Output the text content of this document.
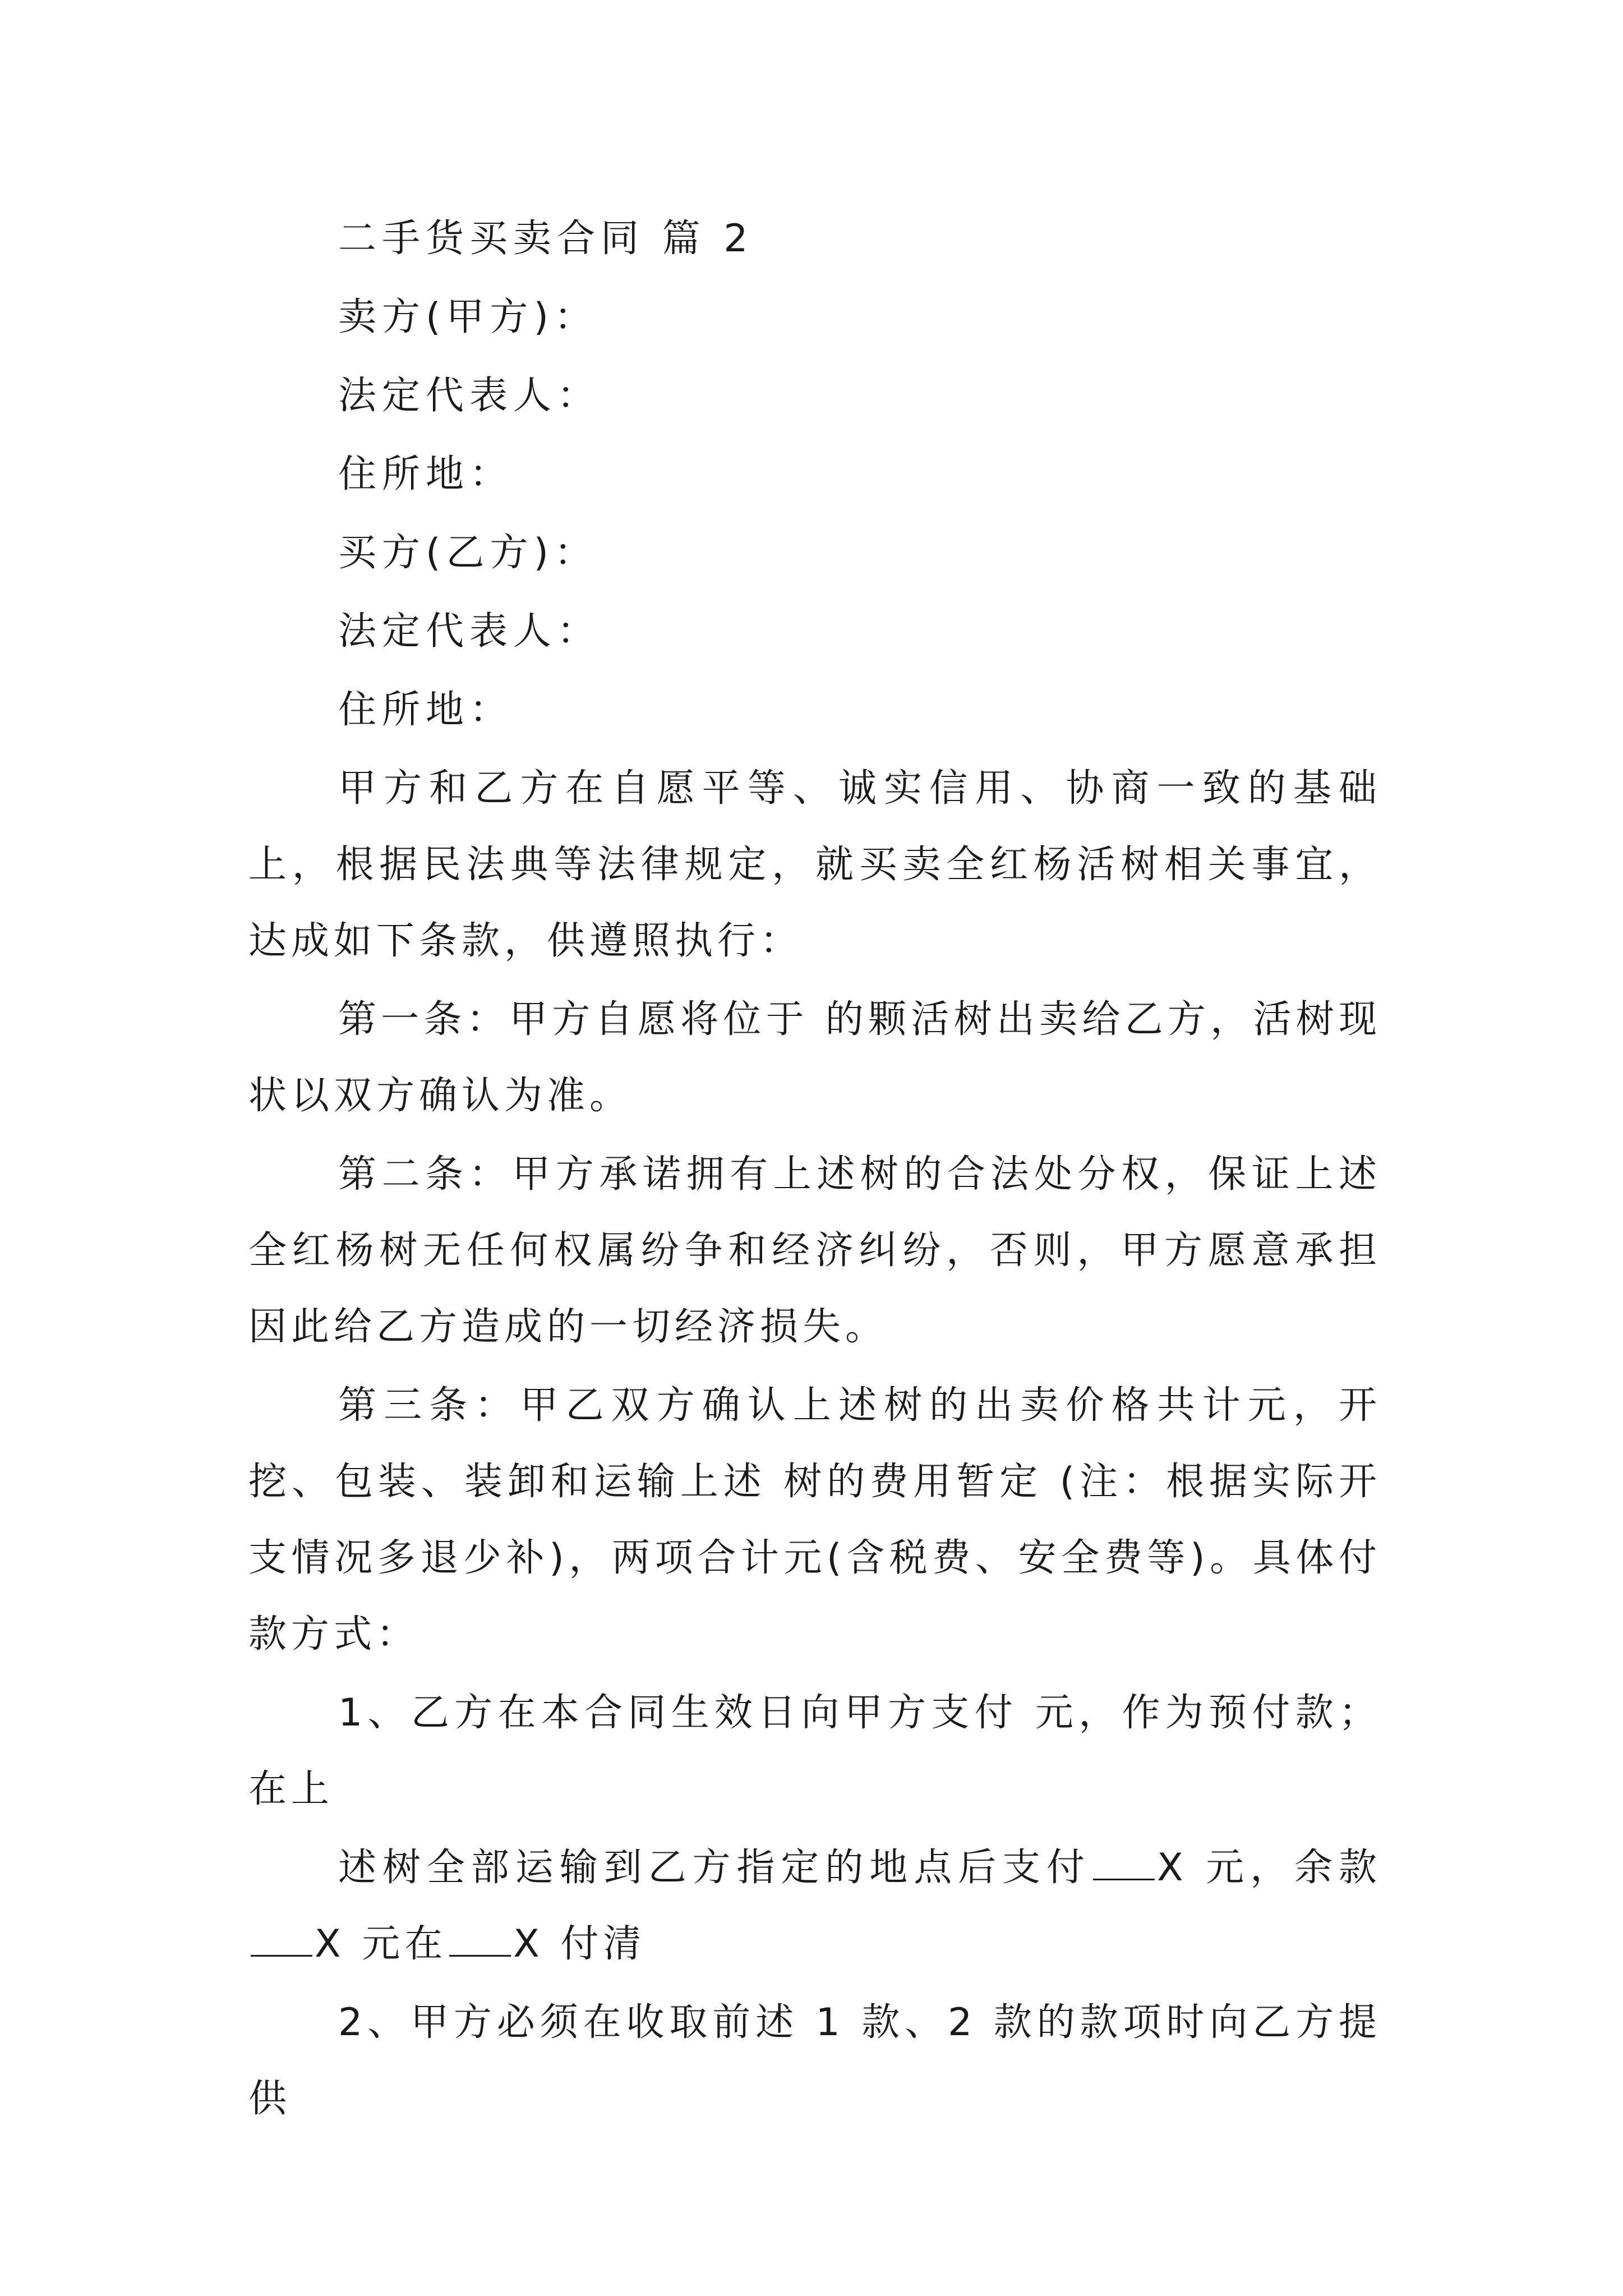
二手货买卖合同 篇 2
卖方(甲方)：
法定代表人：
住所地：
买方(乙方)：
法定代表人：
住所地：

甲方和乙方在自愿平等、诚实信用、协商一致的基础上，根据民法典等法律规定，就买卖全红杨活树相关事宜，达成如下条款，供遵照执行：

第一条：甲方自愿将位于 的颗活树出卖给乙方，活树现状以双方确认为准。

第二条：甲方承诺拥有上述树的合法处分权，保证上述全红杨树无任何权属纷争和经济纠纷，否则，甲方愿意承担因此给乙方造成的一切经济损失。

第三条：甲乙双方确认上述树的出卖价格共计元，开挖、包装、装卸和运输上述 树的费用暂定 (注：根据实际开支情况多退少补)，两项合计元(含税费、安全费等)。具体付款方式：

1、乙方在本合同生效日向甲方支付 元，作为预付款；在上

述树全部运输到乙方指定的地点后支付 X 元，余款X 元在 X 付清

2、甲方必须在收取前述 1 款、2 款的款项时向乙方提供
